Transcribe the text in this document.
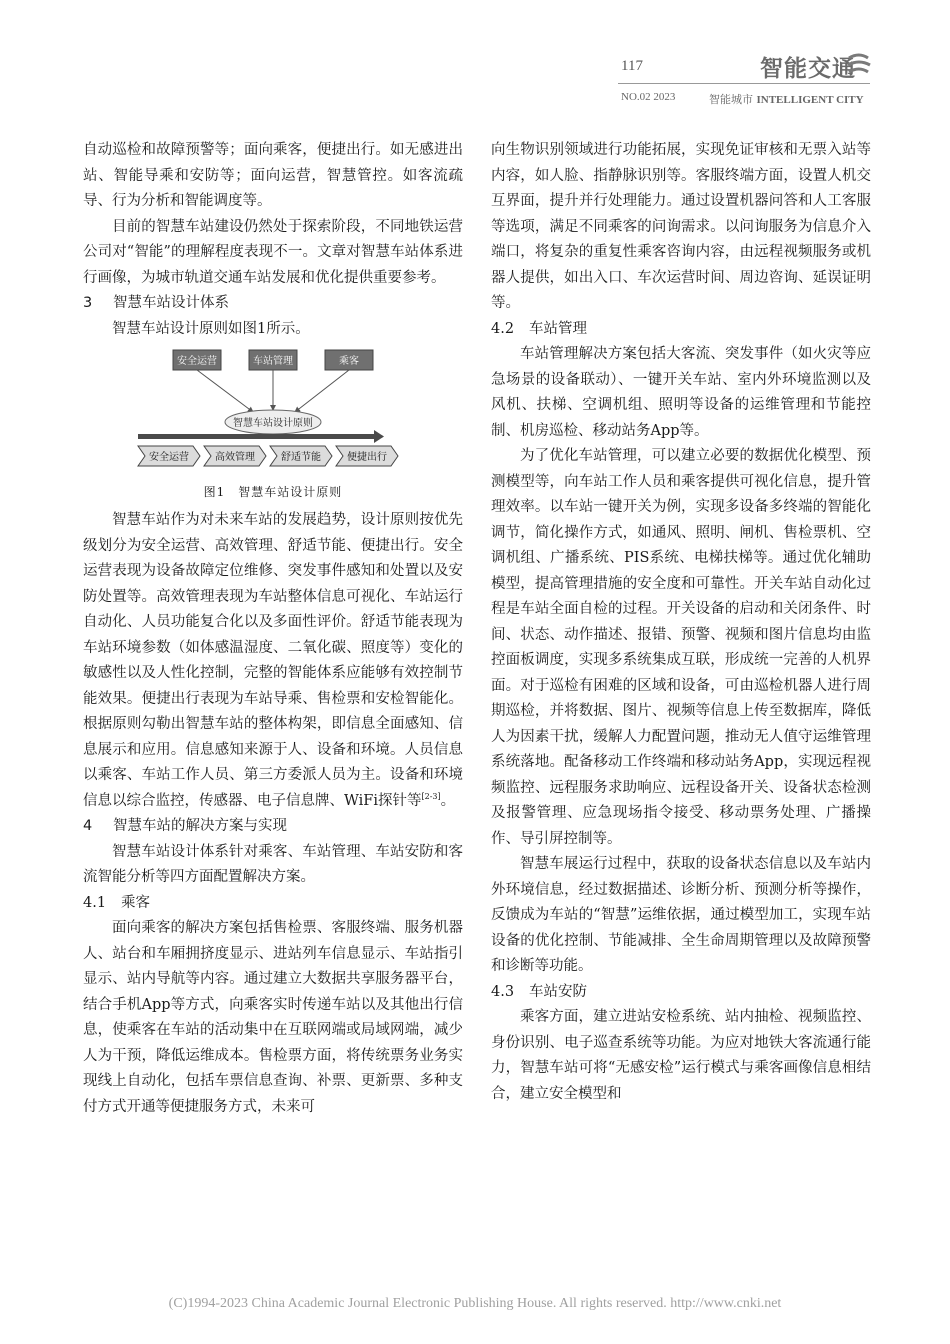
117	智能交通
NO.02 2023	智能城市 INTELLIGENT CITY

自动巡检和故障预警等；面向乘客，便捷出行。如无感进出站、智能导乘和安防等；面向运营，智慧管控。如客流疏导、行为分析和智能调度等。

目前的智慧车站建设仍然处于探索阶段，不同地铁运营公司对“智能”的理解程度表现不一。文章对智慧车站体系进行画像，为城市轨道交通车站发展和优化提供重要参考。

3 智慧车站设计体系

智慧车站设计原则如图1所示。

安全运营	车站管理	乘客
智慧车站设计原则
安全运营	高效管理	舒适节能	便捷出行
图1　智慧车站设计原则

智慧车站作为对未来车站的发展趋势，设计原则按优先级划分为安全运营、高效管理、舒适节能、便捷出行。安全运营表现为设备故障定位维修、突发事件感知和处置以及安防处置等。高效管理表现为车站整体信息可视化、车站运行自动化、人员功能复合化以及多面性评价。舒适节能表现为车站环境参数（如体感温湿度、二氧化碳、照度等）变化的敏感性以及人性化控制，完整的智能体系应能够有效控制节能效果。便捷出行表现为车站导乘、售检票和安检智能化。根据原则勾勒出智慧车站的整体构架，即信息全面感知、信息展示和应用。信息感知来源于人、设备和环境。人员信息以乘客、车站工作人员、第三方委派人员为主。设备和环境信息以综合监控，传感器、电子信息牌、WiFi探针等[2-3]。

4 智慧车站的解决方案与实现

智慧车站设计体系针对乘客、车站管理、车站安防和客流智能分析等四方面配置解决方案。

4.1 乘客

面向乘客的解决方案包括售检票、客服终端、服务机器人、站台和车厢拥挤度显示、进站列车信息显示、车站指引显示、站内导航等内容。通过建立大数据共享服务器平台，结合手机App等方式，向乘客实时传递车站以及其他出行信息，使乘客在车站的活动集中在互联网端或局域网端，减少人为干预，降低运维成本。售检票方面，将传统票务业务实现线上自动化，包括车票信息查询、补票、更新票、多种支付方式开通等便捷服务方式，未来可

向生物识别领域进行功能拓展，实现免证审核和无票入站等内容，如人脸、指静脉识别等。客服终端方面，设置人机交互界面，提升并行处理能力。通过设置机器问答和人工客服等选项，满足不同乘客的问询需求。以问询服务为信息介入端口，将复杂的重复性乘客咨询内容，由远程视频服务或机器人提供，如出入口、车次运营时间、周边咨询、延误证明等。

4.2 车站管理

车站管理解决方案包括大客流、突发事件（如火灾等应急场景的设备联动）、一键开关车站、室内外环境监测以及风机、扶梯、空调机组、照明等设备的运维管理和节能控制、机房巡检、移动站务App等。

为了优化车站管理，可以建立必要的数据优化模型、预测模型等，向车站工作人员和乘客提供可视化信息，提升管理效率。以车站一键开关为例，实现多设备多终端的智能化调节，简化操作方式，如通风、照明、闸机、售检票机、空调机组、广播系统、PIS系统、电梯扶梯等。通过优化辅助模型，提高管理措施的安全度和可靠性。开关车站自动化过程是车站全面自检的过程。开关设备的启动和关闭条件、时间、状态、动作描述、报错、预警、视频和图片信息均由监控面板调度，实现多系统集成互联，形成统一完善的人机界面。对于巡检有困难的区域和设备，可由巡检机器人进行周期巡检，并将数据、图片、视频等信息上传至数据库，降低人为因素干扰，缓解人力配置问题，推动无人值守运维管理系统落地。配备移动工作终端和移动站务App，实现远程视频监控、远程服务求助响应、远程设备开关、设备状态检测及报警管理、应急现场指令接受、移动票务处理、广播操作、导引屏控制等。

智慧车展运行过程中，获取的设备状态信息以及车站内外环境信息，经过数据描述、诊断分析、预测分析等操作，反馈成为车站的“智慧”运维依据，通过模型加工，实现车站设备的优化控制、节能减排、全生命周期管理以及故障预警和诊断等功能。

4.3 车站安防

乘客方面，建立进站安检系统、站内抽检、视频监控、身份识别、电子巡查系统等功能。为应对地铁大客流通行能力，智慧车站可将“无感安检”运行模式与乘客画像信息相结合，建立安全模型和

(C)1994-2023 China Academic Journal Electronic Publishing House. All rights reserved. http://www.cnki.net
